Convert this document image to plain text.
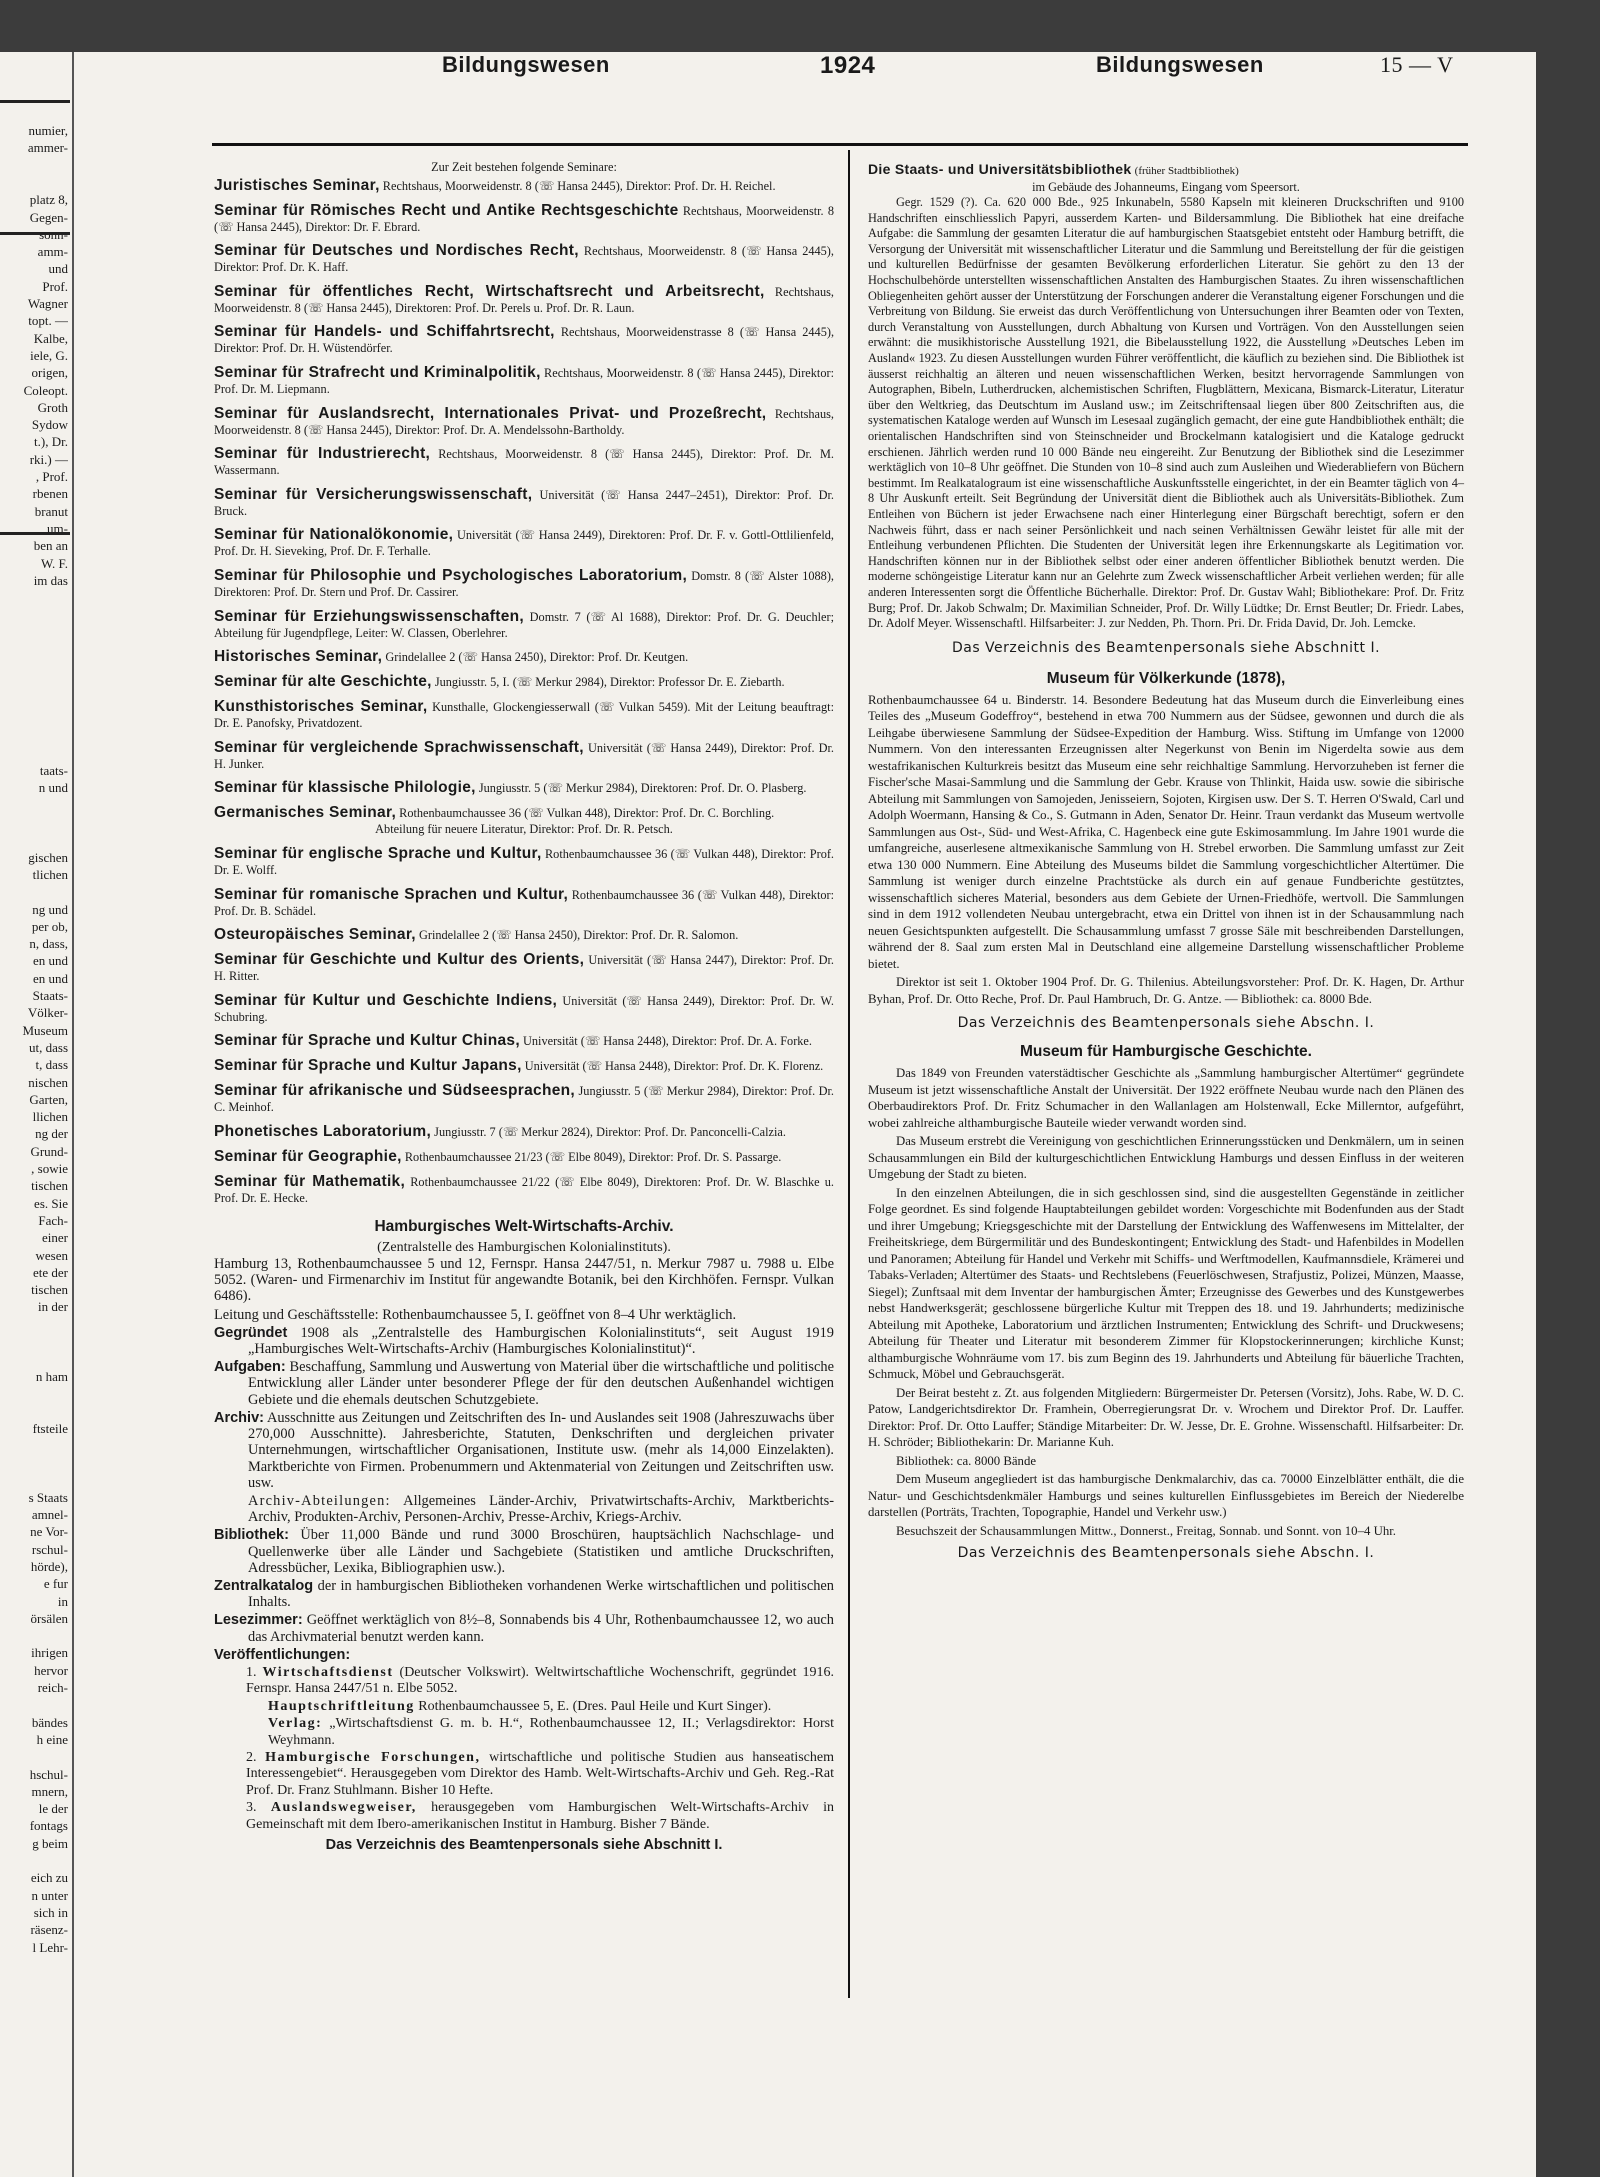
numier,
ammer-
platz 8,
Gegen-
sonn-
amm-
und
Prof.
Wagner
topt. —
Kalbe,
iele, G.
origen,
Coleopt.
Groth
Sydow
t.), Dr.
rki.) —
, Prof.
rbenen
branut
um-
ben an
W. F.
im das
taats-
n und
gischen
tlichen
ng und
per ob,
n, dass,
en und
en und
Staats-
Völker-
Museum
ut, dass
t, dass
nischen
Garten,
llichen
ng der
Grund-
, sowie
tischen
es. Sie
Fach-
einer
wesen
ete der
tischen
in der
n ham
ftsteile
s Staats
amnel-
ne Vor-
rschul-
hörde),
e fur
in
örsälen
ihrigen
hervor
reich-
bändes
h eine
hschul-
mnern,
le der
fontags
g beim
eich zu
n unter
sich in
räsenz-
l Lehr-
Bildungswesen	1924	Bildungswesen	15 — V

Zur Zeit bestehen folgende Seminare:

Juristisches Seminar, Rechtshaus, Moorweidenstr. 8 (☏ Hansa 2445), Direktor: Prof. Dr. H. Reichel.

Seminar für Römisches Recht und Antike Rechtsgeschichte Rechtshaus, Moorweidenstr. 8 (☏ Hansa 2445), Direktor: Dr. F. Ebrard.

Seminar für Deutsches und Nordisches Recht, Rechtshaus, Moorweidenstr. 8 (☏ Hansa 2445), Direktor: Prof. Dr. K. Haff.

Seminar für öffentliches Recht, Wirtschaftsrecht und Arbeitsrecht, Rechtshaus, Moorweidenstr. 8 (☏ Hansa 2445), Direktoren: Prof. Dr. Perels u. Prof. Dr. R. Laun.

Seminar für Handels- und Schiffahrtsrecht, Rechtshaus, Moorweidenstrasse 8 (☏ Hansa 2445), Direktor: Prof. Dr. H. Wüstendörfer.

Seminar für Strafrecht und Kriminalpolitik, Rechtshaus, Moorweidenstr. 8 (☏ Hansa 2445), Direktor: Prof. Dr. M. Liepmann.

Seminar für Auslandsrecht, Internationales Privat- und Prozeßrecht, Rechtshaus, Moorweidenstr. 8 (☏ Hansa 2445), Direktor: Prof. Dr. A. Mendelssohn-Bartholdy.

Seminar für Industrierecht, Rechtshaus, Moorweidenstr. 8 (☏ Hansa 2445), Direktor: Prof. Dr. M. Wassermann.

Seminar für Versicherungswissenschaft, Universität (☏ Hansa 2447–2451), Direktor: Prof. Dr. Bruck.

Seminar für Nationalökonomie, Universität (☏ Hansa 2449), Direktoren: Prof. Dr. F. v. Gottl-Ottlilienfeld, Prof. Dr. H. Sieveking, Prof. Dr. F. Terhalle.

Seminar für Philosophie und Psychologisches Laboratorium, Domstr. 8 (☏ Alster 1088), Direktoren: Prof. Dr. Stern und Prof. Dr. Cassirer.

Seminar für Erziehungswissenschaften, Domstr. 7 (☏ Al 1688), Direktor: Prof. Dr. G. Deuchler; Abteilung für Jugendpflege, Leiter: W. Classen, Oberlehrer.

Historisches Seminar, Grindelallee 2 (☏ Hansa 2450), Direktor: Prof. Dr. Keutgen.

Seminar für alte Geschichte, Jungiusstr. 5, I. (☏ Merkur 2984), Direktor: Professor Dr. E. Ziebarth.

Kunsthistorisches Seminar, Kunsthalle, Glockengiesserwall (☏ Vulkan 5459). Mit der Leitung beauftragt: Dr. E. Panofsky, Privatdozent.

Seminar für vergleichende Sprachwissenschaft, Universität (☏ Hansa 2449), Direktor: Prof. Dr. H. Junker.

Seminar für klassische Philologie, Jungiusstr. 5 (☏ Merkur 2984), Direktoren: Prof. Dr. O. Plasberg.

Germanisches Seminar, Rothenbaumchaussee 36 (☏ Vulkan 448), Direktor: Prof. Dr. C. Borchling.

Abteilung für neuere Literatur, Direktor: Prof. Dr. R. Petsch.

Seminar für englische Sprache und Kultur, Rothenbaumchaussee 36 (☏ Vulkan 448), Direktor: Prof. Dr. E. Wolff.

Seminar für romanische Sprachen und Kultur, Rothenbaumchaussee 36 (☏ Vulkan 448), Direktor: Prof. Dr. B. Schädel.

Osteuropäisches Seminar, Grindelallee 2 (☏ Hansa 2450), Direktor: Prof. Dr. R. Salomon.

Seminar für Geschichte und Kultur des Orients, Universität (☏ Hansa 2447), Direktor: Prof. Dr. H. Ritter.

Seminar für Kultur und Geschichte Indiens, Universität (☏ Hansa 2449), Direktor: Prof. Dr. W. Schubring.

Seminar für Sprache und Kultur Chinas, Universität (☏ Hansa 2448), Direktor: Prof. Dr. A. Forke.

Seminar für Sprache und Kultur Japans, Universität (☏ Hansa 2448), Direktor: Prof. Dr. K. Florenz.

Seminar für afrikanische und Südseesprachen, Jungiusstr. 5 (☏ Merkur 2984), Direktor: Prof. Dr. C. Meinhof.

Phonetisches Laboratorium, Jungiusstr. 7 (☏ Merkur 2824), Direktor: Prof. Dr. Panconcelli-Calzia.

Seminar für Geographie, Rothenbaumchaussee 21/23 (☏ Elbe 8049), Direktor: Prof. Dr. S. Passarge.

Seminar für Mathematik, Rothenbaumchaussee 21/22 (☏ Elbe 8049), Direktoren: Prof. Dr. W. Blaschke u. Prof. Dr. E. Hecke.

Hamburgisches Welt-Wirtschafts-Archiv.

(Zentralstelle des Hamburgischen Kolonialinstituts).

Hamburg 13, Rothenbaumchaussee 5 und 12, Fernspr. Hansa 2447/51, n. Merkur 7987 u. 7988 u. Elbe 5052. (Waren- und Firmenarchiv im Institut für angewandte Botanik, bei den Kirchhöfen. Fernspr. Vulkan 6486).

Leitung und Geschäftsstelle: Rothenbaumchaussee 5, I. geöffnet von 8–4 Uhr werktäglich.

Gegründet 1908 als „Zentralstelle des Hamburgischen Kolonialinstituts“, seit August 1919 „Hamburgisches Welt-Wirtschafts-Archiv (Hamburgisches Kolonialinstitut)“.

Aufgaben: Beschaffung, Sammlung und Auswertung von Material über die wirtschaftliche und politische Entwicklung aller Länder unter besonderer Pflege der für den deutschen Außenhandel wichtigen Gebiete und die ehemals deutschen Schutzgebiete.

Archiv: Ausschnitte aus Zeitungen und Zeitschriften des In- und Auslandes seit 1908 (Jahreszuwachs über 270,000 Ausschnitte). Jahresberichte, Statuten, Denkschriften und dergleichen privater Unternehmungen, wirtschaftlicher Organisationen, Institute usw. (mehr als 14,000 Einzelakten). Marktberichte von Firmen. Probenummern und Aktenmaterial von Zeitungen und Zeitschriften usw. usw.

Archiv-Abteilungen: Allgemeines Länder-Archiv, Privatwirtschafts-Archiv, Marktberichts-Archiv, Produkten-Archiv, Personen-Archiv, Presse-Archiv, Kriegs-Archiv.

Bibliothek: Über 11,000 Bände und rund 3000 Broschüren, hauptsächlich Nachschlage- und Quellenwerke über alle Länder und Sachgebiete (Statistiken und amtliche Druckschriften, Adressbücher, Lexika, Bibliographien usw.).

Zentralkatalog der in hamburgischen Bibliotheken vorhandenen Werke wirtschaftlichen und politischen Inhalts.

Lesezimmer: Geöffnet werktäglich von 8½–8, Sonnabends bis 4 Uhr, Rothenbaumchaussee 12, wo auch das Archivmaterial benutzt werden kann.

Veröffentlichungen:

1. Wirtschaftsdienst (Deutscher Volkswirt). Weltwirtschaftliche Wochenschrift, gegründet 1916. Fernspr. Hansa 2447/51 n. Elbe 5052.

Hauptschriftleitung Rothenbaumchaussee 5, E. (Dres. Paul Heile und Kurt Singer).

Verlag: „Wirtschaftsdienst G. m. b. H.“, Rothenbaumchaussee 12, II.; Verlagsdirektor: Horst Weyhmann.

2. Hamburgische Forschungen, wirtschaftliche und politische Studien aus hanseatischem Interessengebiet“. Herausgegeben vom Direktor des Hamb. Welt-Wirtschafts-Archiv und Geh. Reg.-Rat Prof. Dr. Franz Stuhlmann. Bisher 10 Hefte.

3. Auslandswegweiser, herausgegeben vom Hamburgischen Welt-Wirtschafts-Archiv in Gemeinschaft mit dem Ibero-amerikanischen Institut in Hamburg. Bisher 7 Bände.

Das Verzeichnis des Beamtenpersonals siehe Abschnitt I.

Die Staats- und Universitätsbibliothek (früher Stadtbibliothek)

im Gebäude des Johanneums, Eingang vom Speersort.

Gegr. 1529 (?). Ca. 620 000 Bde., 925 Inkunabeln, 5580 Kapseln mit kleineren Druckschriften und 9100 Handschriften einschliesslich Papyri, ausserdem Karten- und Bildersammlung. Die Bibliothek hat eine dreifache Aufgabe: die Sammlung der gesamten Literatur die auf hamburgischen Staatsgebiet entsteht oder Hamburg betrifft, die Versorgung der Universität mit wissenschaftlicher Literatur und die Sammlung und Bereitstellung der für die geistigen und kulturellen Bedürfnisse der gesamten Bevölkerung erforderlichen Literatur. Sie gehört zu den 13 der Hochschulbehörde unterstellten wissenschaftlichen Anstalten des Hamburgischen Staates. Zu ihren wissenschaftlichen Obliegenheiten gehört ausser der Unterstützung der Forschungen anderer die Veranstaltung eigener Forschungen und die Verbreitung von Bildung. Sie erweist das durch Veröffentlichung von Untersuchungen ihrer Beamten oder von Texten, durch Veranstaltung von Ausstellungen, durch Abhaltung von Kursen und Vorträgen. Von den Ausstellungen seien erwähnt: die musikhistorische Ausstellung 1921, die Bibelausstellung 1922, die Ausstellung »Deutsches Leben im Ausland« 1923. Zu diesen Ausstellungen wurden Führer veröffentlicht, die käuflich zu beziehen sind. Die Bibliothek ist äusserst reichhaltig an älteren und neuen wissenschaftlichen Werken, besitzt hervorragende Sammlungen von Autographen, Bibeln, Lutherdrucken, alchemistischen Schriften, Flugblättern, Mexicana, Bismarck-Literatur, Literatur über den Weltkrieg, das Deutschtum im Ausland usw.; im Zeitschriftensaal liegen über 800 Zeitschriften aus, die systematischen Kataloge werden auf Wunsch im Lesesaal zugänglich gemacht, der eine gute Handbibliothek enthält; die orientalischen Handschriften sind von Steinschneider und Brockelmann katalogisiert und die Kataloge gedruckt erschienen. Jährlich werden rund 10 000 Bände neu eingereiht. Zur Benutzung der Bibliothek sind die Lesezimmer werktäglich von 10–8 Uhr geöffnet. Die Stunden von 10–8 sind auch zum Ausleihen und Wiederabliefern von Büchern bestimmt. Im Realkatalograum ist eine wissenschaftliche Auskunftsstelle eingerichtet, in der ein Beamter täglich von 4–8 Uhr Auskunft erteilt. Seit Begründung der Universität dient die Bibliothek auch als Universitäts-Bibliothek. Zum Entleihen von Büchern ist jeder Erwachsene nach einer Hinterlegung einer Bürgschaft berechtigt, sofern er den Nachweis führt, dass er nach seiner Persönlichkeit und nach seinen Verhältnissen Gewähr leistet für alle mit der Entleihung verbundenen Pflichten. Die Studenten der Universität legen ihre Erkennungskarte als Legitimation vor. Handschriften können nur in der Bibliothek selbst oder einer anderen öffentlicher Bibliothek benutzt werden. Die moderne schöngeistige Literatur kann nur an Gelehrte zum Zweck wissenschaftlicher Arbeit verliehen werden; für alle anderen Interessenten sorgt die Öffentliche Bücherhalle. Direktor: Prof. Dr. Gustav Wahl; Bibliothekare: Prof. Dr. Fritz Burg; Prof. Dr. Jakob Schwalm; Dr. Maximilian Schneider, Prof. Dr. Willy Lüdtke; Dr. Ernst Beutler; Dr. Friedr. Labes, Dr. Adolf Meyer. Wissenschaftl. Hilfsarbeiter: J. zur Nedden, Ph. Thorn. Pri. Dr. Frida David, Dr. Joh. Lemcke.

Das Verzeichnis des Beamtenpersonals siehe Abschnitt I.
Museum für Völkerkunde (1878),

Rothenbaumchaussee 64 u. Binderstr. 14. Besondere Bedeutung hat das Museum durch die Einverleibung eines Teiles des „Museum Godeffroy“, bestehend in etwa 700 Nummern aus der Südsee, gewonnen und durch die als Leihgabe überwiesene Sammlung der Südsee-Expedition der Hamburg. Wiss. Stiftung im Umfange von 12000 Nummern. Von den interessanten Erzeugnissen alter Negerkunst von Benin im Nigerdelta sowie aus dem westafrikanischen Kulturkreis besitzt das Museum eine sehr reichhaltige Sammlung. Hervorzuheben ist ferner die Fischer'sche Masai-Sammlung und die Sammlung der Gebr. Krause von Thlinkit, Haida usw. sowie die sibirische Abteilung mit Sammlungen von Samojeden, Jenisseiern, Sojoten, Kirgisen usw. Der S. T. Herren O'Swald, Carl und Adolph Woermann, Hansing & Co., S. Gutmann in Aden, Senator Dr. Heinr. Traun verdankt das Museum wertvolle Sammlungen aus Ost-, Süd- und West-Afrika, C. Hagenbeck eine gute Eskimosammlung. Im Jahre 1901 wurde die umfangreiche, auserlesene altmexikanische Sammlung von H. Strebel erworben. Die Sammlung umfasst zur Zeit etwa 130 000 Nummern. Eine Abteilung des Museums bildet die Sammlung vorgeschichtlicher Altertümer. Die Sammlung ist weniger durch einzelne Prachtstücke als durch ein auf genaue Fundberichte gestütztes, wissenschaftlich sicheres Material, besonders aus dem Gebiete der Urnen-Friedhöfe, wertvoll. Die Sammlungen sind in dem 1912 vollendeten Neubau untergebracht, etwa ein Drittel von ihnen ist in der Schausammlung nach neuen Gesichtspunkten aufgestellt. Die Schausammlung umfasst 7 grosse Säle mit beschreibenden Darstellungen, während der 8. Saal zum ersten Mal in Deutschland eine allgemeine Darstellung wissenschaftlicher Probleme bietet.

Direktor ist seit 1. Oktober 1904 Prof. Dr. G. Thilenius. Abteilungsvorsteher: Prof. Dr. K. Hagen, Dr. Arthur Byhan, Prof. Dr. Otto Reche, Prof. Dr. Paul Hambruch, Dr. G. Antze. — Bibliothek: ca. 8000 Bde.

Das Verzeichnis des Beamtenpersonals siehe Abschn. I.
Museum für Hamburgische Geschichte.

Das 1849 von Freunden vaterstädtischer Geschichte als „Sammlung hamburgischer Altertümer“ gegründete Museum ist jetzt wissenschaftliche Anstalt der Universität. Der 1922 eröffnete Neubau wurde nach den Plänen des Oberbaudirektors Prof. Dr. Fritz Schumacher in den Wallanlagen am Holstenwall, Ecke Millerntor, aufgeführt, wobei zahlreiche althamburgische Bauteile wieder verwandt worden sind.

Das Museum erstrebt die Vereinigung von geschichtlichen Erinnerungsstücken und Denkmälern, um in seinen Schausammlungen ein Bild der kulturgeschichtlichen Entwicklung Hamburgs und dessen Einfluss in der weiteren Umgebung der Stadt zu bieten.

In den einzelnen Abteilungen, die in sich geschlossen sind, sind die ausgestellten Gegenstände in zeitlicher Folge geordnet. Es sind folgende Hauptabteilungen gebildet worden: Vorgeschichte mit Bodenfunden aus der Stadt und ihrer Umgebung; Kriegsgeschichte mit der Darstellung der Entwicklung des Waffenwesens im Mittelalter, der Freiheitskriege, dem Bürgermilitär und des Bundeskontingent; Entwicklung des Stadt- und Hafenbildes in Modellen und Panoramen; Abteilung für Handel und Verkehr mit Schiffs- und Werftmodellen, Kaufmannsdiele, Krämerei und Tabaks-Verladen; Altertümer des Staats- und Rechtslebens (Feuerlöschwesen, Strafjustiz, Polizei, Münzen, Maasse, Siegel); Zunftsaal mit dem Inventar der hamburgischen Ämter; Erzeugnisse des Gewerbes und des Kunstgewerbes nebst Handwerksgerät; geschlossene bürgerliche Kultur mit Treppen des 18. und 19. Jahrhunderts; medizinische Abteilung mit Apotheke, Laboratorium und ärztlichen Instrumenten; Entwicklung des Schrift- und Druckwesens; Abteilung für Theater und Literatur mit besonderem Zimmer für Klopstockerinnerungen; kirchliche Kunst; althamburgische Wohnräume vom 17. bis zum Beginn des 19. Jahrhunderts und Abteilung für bäuerliche Trachten, Schmuck, Möbel und Gebrauchsgerät.

Der Beirat besteht z. Zt. aus folgenden Mitgliedern: Bürgermeister Dr. Petersen (Vorsitz), Johs. Rabe, W. D. C. Patow, Landgerichtsdirektor Dr. Framhein, Oberregierungsrat Dr. v. Wrochem und Direktor Prof. Dr. Lauffer. Direktor: Prof. Dr. Otto Lauffer; Ständige Mitarbeiter: Dr. W. Jesse, Dr. E. Grohne. Wissenschaftl. Hilfsarbeiter: Dr. H. Schröder; Bibliothekarin: Dr. Marianne Kuh.

Bibliothek: ca. 8000 Bände

Dem Museum angegliedert ist das hamburgische Denkmalarchiv, das ca. 70000 Einzelblätter enthält, die die Natur- und Geschichtsdenkmäler Hamburgs und seines kulturellen Einflussgebietes im Bereich der Niederelbe darstellen (Porträts, Trachten, Topographie, Handel und Verkehr usw.)

Besuchszeit der Schausammlungen Mittw., Donnerst., Freitag, Sonnab. und Sonnt. von 10–4 Uhr.

Das Verzeichnis des Beamtenpersonals siehe Abschn. I.
